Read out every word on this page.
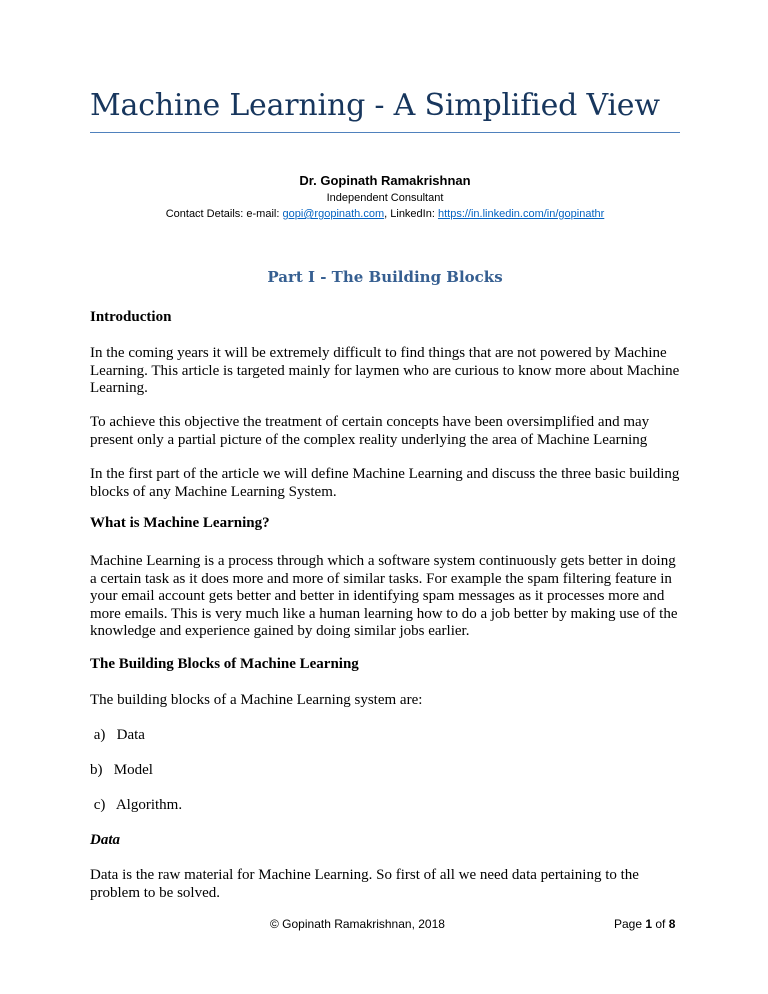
Machine Learning - A Simplified View
Dr. Gopinath Ramakrishnan
Independent Consultant
Contact Details: e-mail: gopi@rgopinath.com, LinkedIn: https://in.linkedin.com/in/gopinathr
Part I - The Building Blocks
Introduction

In the coming years it will be extremely difficult to find things that are not powered by Machine Learning. This article is targeted mainly for laymen who are curious to know more about Machine Learning.

To achieve this objective the treatment of certain concepts have been oversimplified and may present only a partial picture of the complex reality underlying the area of Machine Learning

In the first part of the article we will define Machine Learning and discuss the three basic building blocks of any Machine Learning System.

What is Machine Learning?

Machine Learning is a process through which a software system continuously gets better in doing a certain task as it does more and more of similar tasks. For example the spam filtering feature in your email account gets better and better in identifying spam messages as it processes more and more emails. This is very much like a human learning how to do a job better by making use of the knowledge and experience gained by doing similar jobs earlier.

The Building Blocks of Machine Learning

The building blocks of a Machine Learning system are:

a)   Data
b)   Model
c)   Algorithm.
Data

Data is the raw material for Machine Learning. So first of all we need data pertaining to the problem to be solved.

© Gopinath Ramakrishnan, 2018	Page 1 of 8
